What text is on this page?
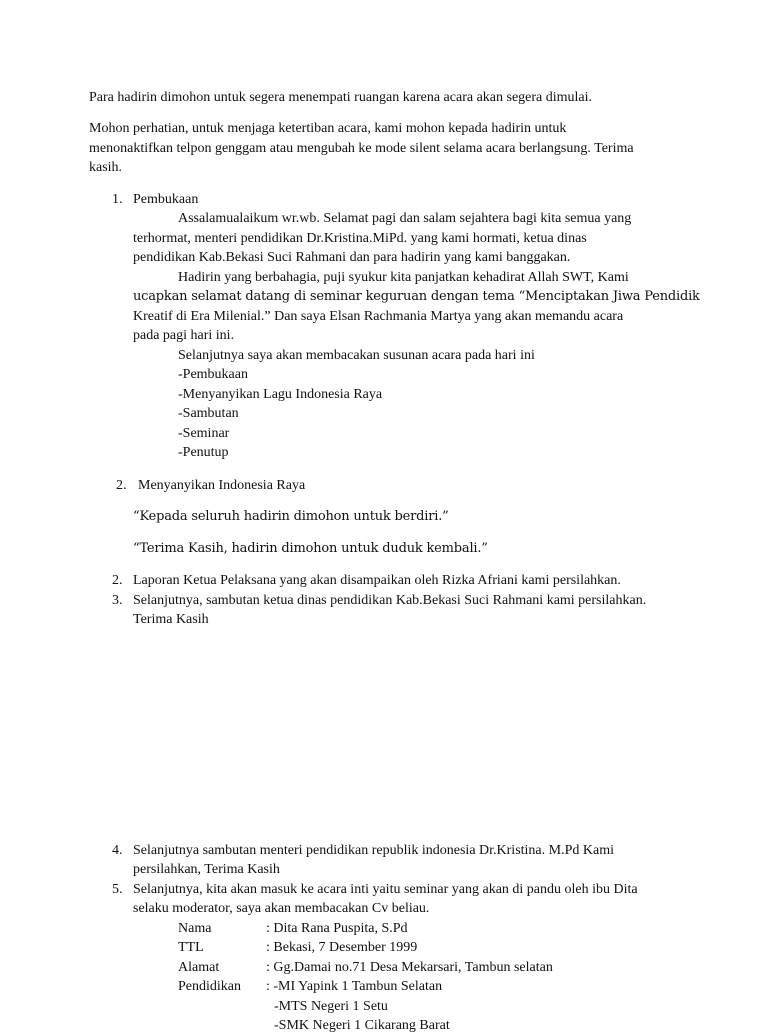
Para hadirin dimohon untuk segera menempati ruangan karena acara akan segera dimulai.
Mohon perhatian, untuk menjaga ketertiban acara, kami mohon kepada hadirin untuk
menonaktifkan telpon genggam atau mengubah ke mode silent selama acara berlangsung. Terima
kasih.
1. Pembukaan
Assalamualaikum wr.wb. Selamat pagi dan salam sejahtera bagi kita semua yang
terhormat, menteri pendidikan Dr.Kristina.MiPd. yang kami hormati, ketua dinas
pendidikan Kab.Bekasi Suci Rahmani dan para hadirin yang kami banggakan.
Hadirin yang berbahagia, puji syukur kita panjatkan kehadirat Allah SWT, Kami
ucapkan selamat datang di seminar keguruan dengan tema “Menciptakan Jiwa Pendidik
Kreatif di Era Milenial.” Dan saya Elsan Rachmania Martya yang akan memandu acara
pada pagi hari ini.
Selanjutnya saya akan membacakan susunan acara pada hari ini
-Pembukaan
-Menyanyikan Lagu Indonesia Raya
-Sambutan
-Seminar
-Penutup
2. Menyanyikan Indonesia Raya
“Kepada seluruh hadirin dimohon untuk berdiri.”
“Terima Kasih, hadirin dimohon untuk duduk kembali.”
2. Laporan Ketua Pelaksana yang akan disampaikan oleh Rizka Afriani kami persilahkan.
3. Selanjutnya, sambutan ketua dinas pendidikan Kab.Bekasi Suci Rahmani kami persilahkan.
Terima Kasih
4. Selanjutnya sambutan menteri pendidikan republik indonesia Dr.Kristina. M.Pd Kami
persilahkan, Terima Kasih
5. Selanjutnya, kita akan masuk ke acara inti yaitu seminar yang akan di pandu oleh ibu Dita
selaku moderator, saya akan membacakan Cv beliau.
Nama	: Dita Rana Puspita, S.Pd
TTL	: Bekasi, 7 Desember 1999
Alamat	: Gg.Damai no.71 Desa Mekarsari, Tambun selatan
Pendidikan : -MI Yapink 1 Tambun Selatan
-MTS Negeri 1 Setu
-SMK Negeri 1 Cikarang Barat
